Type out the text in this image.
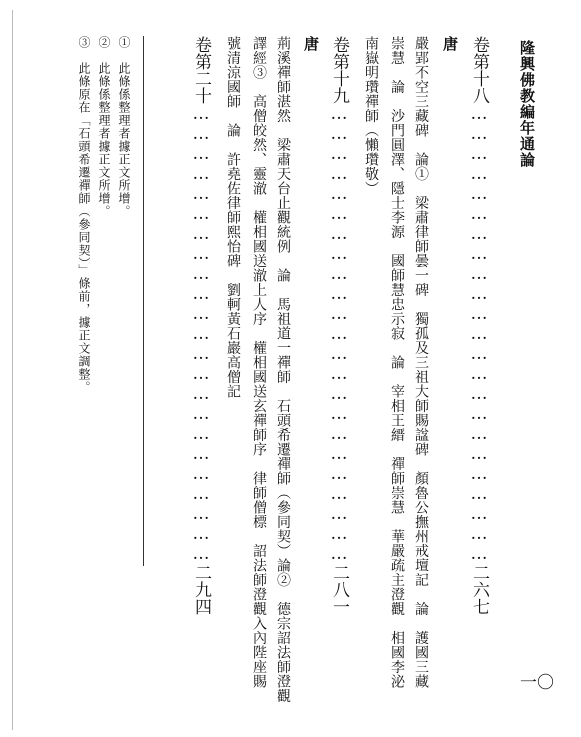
隆興佛教編年通論
一〇
卷第十八……………………………………………………………二六七
唐
嚴郢不空三藏碑　論①　梁肅律師曇一碑　獨孤及三祖大師賜諡碑　顏魯公撫州戒壇記　論　護國三藏
崇慧　論　沙門圓澤、隱士李源　國師慧忠示寂　論　宰相王縉　禪師崇慧　華嚴疏主澄觀　相國李泌
南嶽明瓚禪師（懶瓚敬）
卷第十九……………………………………………………………二八一
唐
荊溪禪師湛然　梁肅天台止觀統例　論　馬祖道一禪師　石頭希遷禪師（參同契）論②　德宗詔法師澄觀
譯經③　高僧皎然、靈澈　權相國送澈上人序　權相國送玄禪師序　律師僧標　詔法師澄觀入內陛座賜
號清涼國師　論　許堯佐律師熙怡碑　劉軻黃石巖高僧記
卷第二十……………………………………………………………二九四
①　此條係整理者據正文所增。
②　此條係整理者據正文所增。
③　此條原在「石頭希遷禪師（參同契）」條前，據正文調整。
